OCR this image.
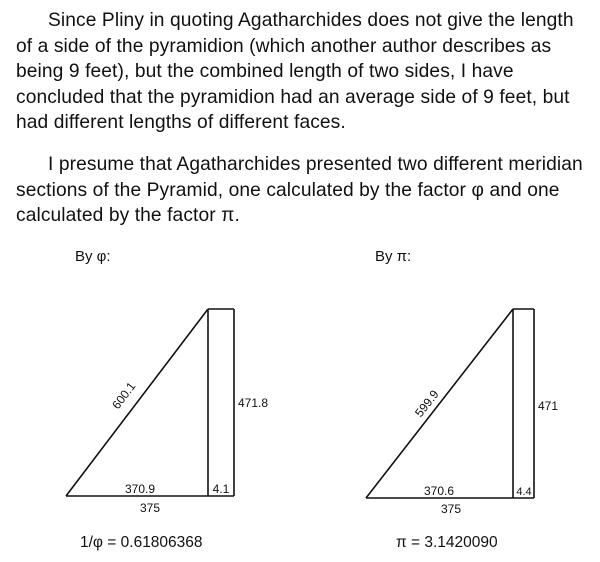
Since Pliny in quoting Agatharchides does not give the length of a side of the pyramidion (which another author describes as being 9 feet), but the combined length of two sides, I have concluded that the pyramidion had an average side of 9 feet, but had different lengths of different faces.

I presume that Agatharchides presented two different meridian sections of the Pyramid, one calculated by the factor φ and one calculated by the factor π.

By φ:	By π:
600.1	471.8
370.9	4.1
375
599.9	471
370.6	4.4
375
1/φ = 0.61806368	π = 3.1420090
